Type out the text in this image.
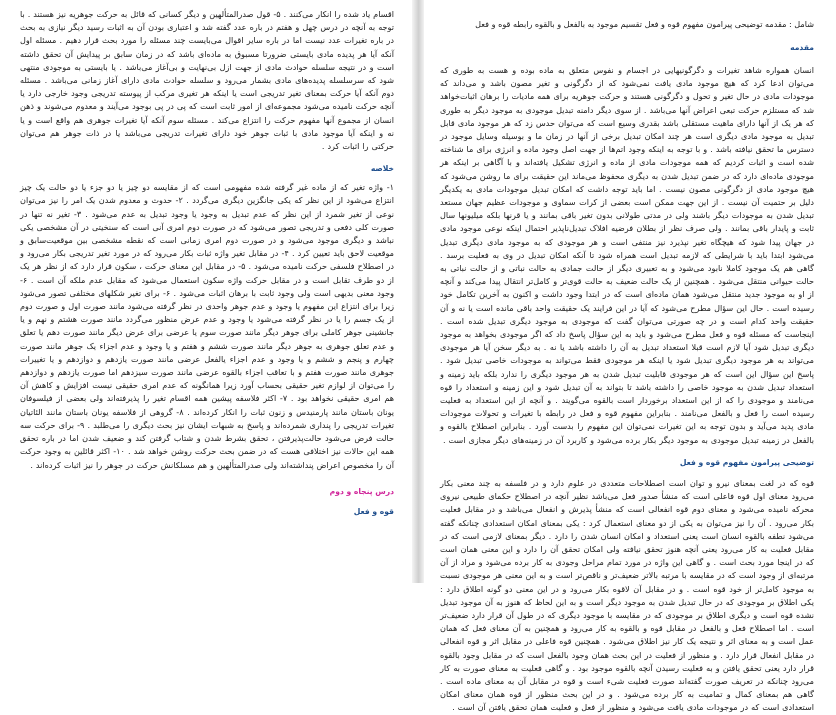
اقسام یاد شده را انکار می‌کنند . ۵- قول صدرالمتألهین و دیگر کسانی که قائل به حرکت جوهریه نیز هستند . با توجه به آنچه در درس چهل و هفتم در باره عدد گفته شد و اعتباری بودن آن به اثبات رسید دیگر نیازی به بحث در باره تغیرات عدد نیست اما در باره سایر اقوال می‌بایست چند مسئله را مورد بحث قرار دهیم . مسئله اول آنکه آیا هر پدیده مادی بایستی ضرورتا مسبوق به ماده‌ای باشد که در زمان سابق بر پیدایش آن تحقق داشته است و در نتیجه سلسله حوادث مادی از جهت ازل بی‌نهایت و بی‌آغاز می‌باشد . یا بایستی به موجودی منتهی شود که سرسلسله پدیده‌های مادی بشمار می‌رود و سلسله حوادث مادی دارای آغاز زمانی می‌باشد . مسئله دوم آنکه آیا حرکت بمعنای تغیر تدریجی است یا اینکه هر تغیری مرکب از پیوسته تدریجی وجود خارجی دارد یا آنچه حرکت نامیده می‌شود مجموعه‌ای از امور ثابت است که پی در پی بوجود می‌آیند و معدوم می‌شوند و ذهن انسان از مجموع آنها مفهوم حرکت را انتزاع می‌کند . مسئله سوم آنکه آیا تغیرات جوهری هم واقع است و یا نه و اینکه آیا موجود مادی با ثبات جوهر خود دارای تغیرات تدریجی می‌باشد یا در ذات جوهر هم می‌توان حرکتی را اثبات کرد .

خلاصه

۱- واژه تغیر که از ماده غیر گرفته شده مفهومی است که از مقایسه دو چیز یا دو جزء یا دو حالت یک چیز انتزاع می‌شود از این نظر که یکی جانگزین دیگری می‌گردد . ۲- حدوث و معدوم شدن یک امر را نیز می‌توان نوعی از تغیر شمرد از این نظر که عدم تبدیل به وجود یا وجود تبدیل به عدم می‌شود . ۳- تغیر نه تنها در صورت کلی دفعی و تدریجی تصور می‌شود که در صورت دوم امری آنی است که سنخیتی در آن مشخصی یکی نباشد و دیگری موجود می‌شود و در صورت دوم امری زمانی است که نقطه مشخصی بین موقعیت‌سابق و موقعیت لاحق باید تعیین کرد . ۴- در مقابل تغیر واژه ثبات بکار می‌رود که در مورد تغیر تدریجی بکار می‌رود و در اصطلاح فلسفی حرکت نامیده می‌شود . ۵- در مقابل این معنای حرکت ، سکون قرار دارد که از نظر هر یک از دو طرف تقابل است و در مقابل حرکت واژه سکون استعمال می‌شود که مقابل عدم ملکه آن است . ۶- وجود معنی بدیهی است ولی وجود ثابت با برهان اثبات می‌شود . ۶- برای تغیر شکلهای مختلفی تصور می‌شود زیرا برای انتزاع این مفهوم یا وجود و عدم جوهر واحدی در نظر گرفته می‌شود مانند صورت اول و صورت دوم از یک جسم را یا در نظر گرفته می‌شود یا وجود و عدم عرض منظور می‌گردد مانند صورت هشتم و نهم و یا جانشینی جوهر کاملی برای جوهر دیگر مانند صورت سوم یا عرضی برای عرض دیگر مانند صورت دهم یا تعلق و عدم تعلق جوهری به جوهر دیگر مانند صورت ششم و هفتم و یا وجود و عدم اجزاء یک جوهر مانند صورت چهارم و پنجم و ششم و یا وجود و عدم اجزاء یالفعل عرضی مانند صورت یازدهم و دوازدهم و یا تغییرات جوهری مانند صورت هفتم و با تعاقب اجزاء بالقوه عرضی مانند صورت سیزدهم اما صورت یازدهم و دوازدهم را می‌توان از لوازم تغیر حقیقی بحساب آورد زیرا همانگونه که عدم امری حقیقی نیست افزایش و کاهش آن هم امری حقیقی نخواهد بود . ۷- اکثر فلاسفه پیشین همه اقسام تغیر را پذیرفته‌اند ولی بعضی از فیلسوفان یونان باستان مانند پارمنیدس و زنون ثبات را انکار کرده‌اند . ۸- گروهی از فلاسفه یونان باستان مانند الئاتیان تغیرات تدریجی را پنداری شمرده‌اند و پاسخ به شبهات ایشان نیز بحث دیگری را می‌طلبد . ۹- برای حرکت سه حالت فرض می‌شود حالت‌پذیرفتن ، تحقق بشرط شدن و شتاب گرفتن کند و ضعیف شدن اما در باره تحقق همه این حالات نیز اختلافی هست که در ضمن بحث حرکت روشن خواهد شد . ۱۰- اکثر قائلین به وجود حرکت آن را مخصوص اعراض پنداشته‌اند ولی صدرالمتألهین و هم مسلکانش حرکت در جوهر را نیز اثبات کرده‌اند .

درس پنجاه و دوم
قوه و فعل

شامل : مقدمه توضیحی پیرامون مفهوم قوه و فعل تقسیم موجود به بالفعل و بالقوه رابطه قوه و فعل

مقدمه

انسان همواره شاهد تغیرات و دگرگونیهایی در اجسام و نفوس متعلق به ماده بوده و هست به طوری که می‌توان ادعا کرد که هیچ موجود مادی یافت نمی‌شود که از دگرگونی و تغیر مصون باشد و می‌داند که موجودات مادی در حال تغیر و تحول و دگرگونی هستند و حرکت جوهریه برای همه مادیات را برهان اثبات‌خواهد شد که مستلزم حرکت تبعی اعراض آنها می‌باشد . از سوی دیگر دامنه تبدیل موجودی به موجود دیگر به طوری که هر یک از آنها دارای ماهیت مستقلی باشد بقدری وسیع است که می‌توان حدس زد که هر موجود مادی قابل تبدیل به موجود مادی دیگری است هر چند امکان تبدیل برخی از آنها در زمان ما و بوسیله وسایل موجود در دسترس ما تحقق نیافته باشد . و با توجه به اینکه وجود اتم‌ها از جهت اصل وجود ماده و انرژی برای ما شناخته شده است و اثبات کردیم که همه موجودات مادی از ماده و انرژی تشکیل یافته‌اند و با آگاهی بر اینکه هر موجودی ماده‌ای دارد که در ضمن تبدیل شدن به دیگری محفوظ می‌ماند این حقیقت برای ما روشن می‌شود که هیچ موجود مادی از دگرگونی مصون نیست . اما باید توجه داشت که امکان تبدیل موجودات مادی به یکدیگر دلیل بر حتمیت آن نیست . از این جهت ممکن است بعضی از کرات سماوی و موجودات عظیم جهان مستعد تبدیل شدن به موجودات دیگر باشند ولی در مدتی طولانی بدون تغیر باقی بمانند و یا قرنها بلکه میلیونها سال ثابت و پایدار باقی بمانند . ولی صرف نظر از بطلان فرضیه افلاک‌ تبدیل‌ناپذیر احتمال اینکه نوعی موجود مادی در جهان پیدا شود که هیچگاه تغیر نپذیرد نیز منتفی است و هر موجودی که به موجود مادی دیگری تبدیل می‌شود ابتدا باید با شرایطی که لازمه تبدیل است همراه شود تا آنکه امکان تبدیل در وی به فعلیت برسد . گاهی هم یک موجود کاملا نابود می‌شود و به تعبیری دیگر از حالت جمادی به حالت نباتی و از حالت نباتی به حالت حیوانی منتقل می‌شود . همچنین از یک حالت ضعیف به حالت قوی‌تر و کامل‌تر انتقال پیدا می‌کند و آنچه از او به موجود جدید منتقل می‌شود همان ماده‌ای است که در ابتدا وجود داشت و اکنون به آخرین تکامل خود رسیده است . حال این سؤال مطرح می‌شود که آیا در این فرایند یک حقیقت واحد باقی مانده است یا نه و آن حقیقت واحد کدام است و در چه صورتی می‌توان گفت که موجودی به موجود دیگری تبدیل شده است . اینجاست که مسئله قوه و فعل مطرح می‌شود و باید به این سؤال پاسخ داد که اگر موجودی بخواهد به موجود دیگری تبدیل شود آیا لازم است قبلا استعداد تبدیل به آن را داشته باشد یا نه . به دیگر سخن آیا هر موجودی می‌تواند به هر موجود دیگری تبدیل شود یا اینکه هر موجودی فقط می‌تواند به موجودات خاصی تبدیل شود . پاسخ این سؤال این است که هر موجودی قابلیت تبدیل شدن به هر موجود دیگری را ندارد بلکه باید زمینه و استعداد تبدیل شدن به موجود خاصی را داشته باشد تا بتواند به آن تبدیل شود و این زمینه و استعداد را قوه می‌نامند و موجودی را که از این استعداد برخوردار است بالقوه می‌گویند . و آنچه از این استعداد به فعلیت رسیده است را فعل و بالفعل می‌نامند . بنابراین مفهوم قوه و فعل در رابطه با تغیرات و تحولات موجودات مادی پدید می‌آید و بدون توجه به این تغیرات نمی‌توان این مفهوم را بدست آورد . بنابراین اصطلاح بالقوه و بالفعل در زمینه تبدیل موجودی به موجود دیگر بکار برده می‌شود و کاربرد آن در زمینه‌های دیگر مجازی است .

توضیحی پیرامون مفهوم قوه و فعل

قوه که در لغت بمعنای نیرو و توان است اصطلاحات متعددی در علوم دارد و در فلسفه به چند معنی بکار می‌رود معنای اول قوه فاعلی است که منشأ صدور فعل می‌باشد نظیر آنچه در اصطلاح حکمای طبیعی نیروی محرکه نامیده می‌شود و معنای دوم قوه انفعالی است که منشأ پذیرش و انفعال می‌باشد و در مقابل فعلیت بکار می‌رود . آن را نیز می‌توان به یکی از دو معنای استعمال کرد : یکی بمعنای امکان استعدادی چنانکه گفته می‌شود نطفه بالقوه انسان است یعنی استعداد و امکان انسان شدن را دارد . دیگر بمعنای لازمی است که در مقابل فعلیت به کار می‌رود یعنی آنچه هنوز تحقق نیافته ولی امکان تحقق آن را دارد و این معنی همان است که در اینجا مورد بحث است . و گاهی این واژه در مورد تمام مراحل وجودی به کار برده می‌شود و مراد از آن مرتبه‌ای از وجود است که در مقایسه با مرتبه بالاتر ضعیف‌تر و ناقص‌تر است و به این معنی هر موجودی نسبت به موجود کامل‌تر از خود قوه است . و در مقابل آن لاقوه بکار می‌رود و در این معنی دو گونه اطلاق دارد : یکی اطلاق بر موجودی که در حال تبدیل شدن به موجود دیگر است و به این لحاظ که هنوز به آن موجود تبدیل نشده قوه است و دیگری اطلاق بر موجودی که در مقایسه با موجود دیگری که در طول آن قرار دارد ضعیف‌تر است . اما اصطلاح فعل و بالفعل در مقابل قوه و بالقوه به کار می‌رود و همچنین به آن معنای فعل که همان عمل است و به معنای اثر و نتیجه یک کار نیز اطلاق می‌شود . همچنین قوه فاعلی در مقابل اثر و قوه انفعالی در مقابل انفعال قرار دارد . و منظور از فعلیت در این بحث همان وجود بالفعل است که در مقابل وجود بالقوه قرار دارد یعنی تحقق یافتن و به فعلیت رسیدن آنچه بالقوه موجود بود . و گاهی فعلیت به معنای صورت به کار می‌رود چنانکه در تعریف صورت گفته‌اند صورت فعلیت شیء است و قوه در مقابل آن به معنای ماده است . گاهی هم بمعنای کمال و تمامیت به کار برده می‌شود . و در این بحث منظور از قوه همان معنای امکان استعدادی است که در موجودات مادی یافت می‌شود و منظور از فعل و فعلیت همان تحقق یافتن آن است .
